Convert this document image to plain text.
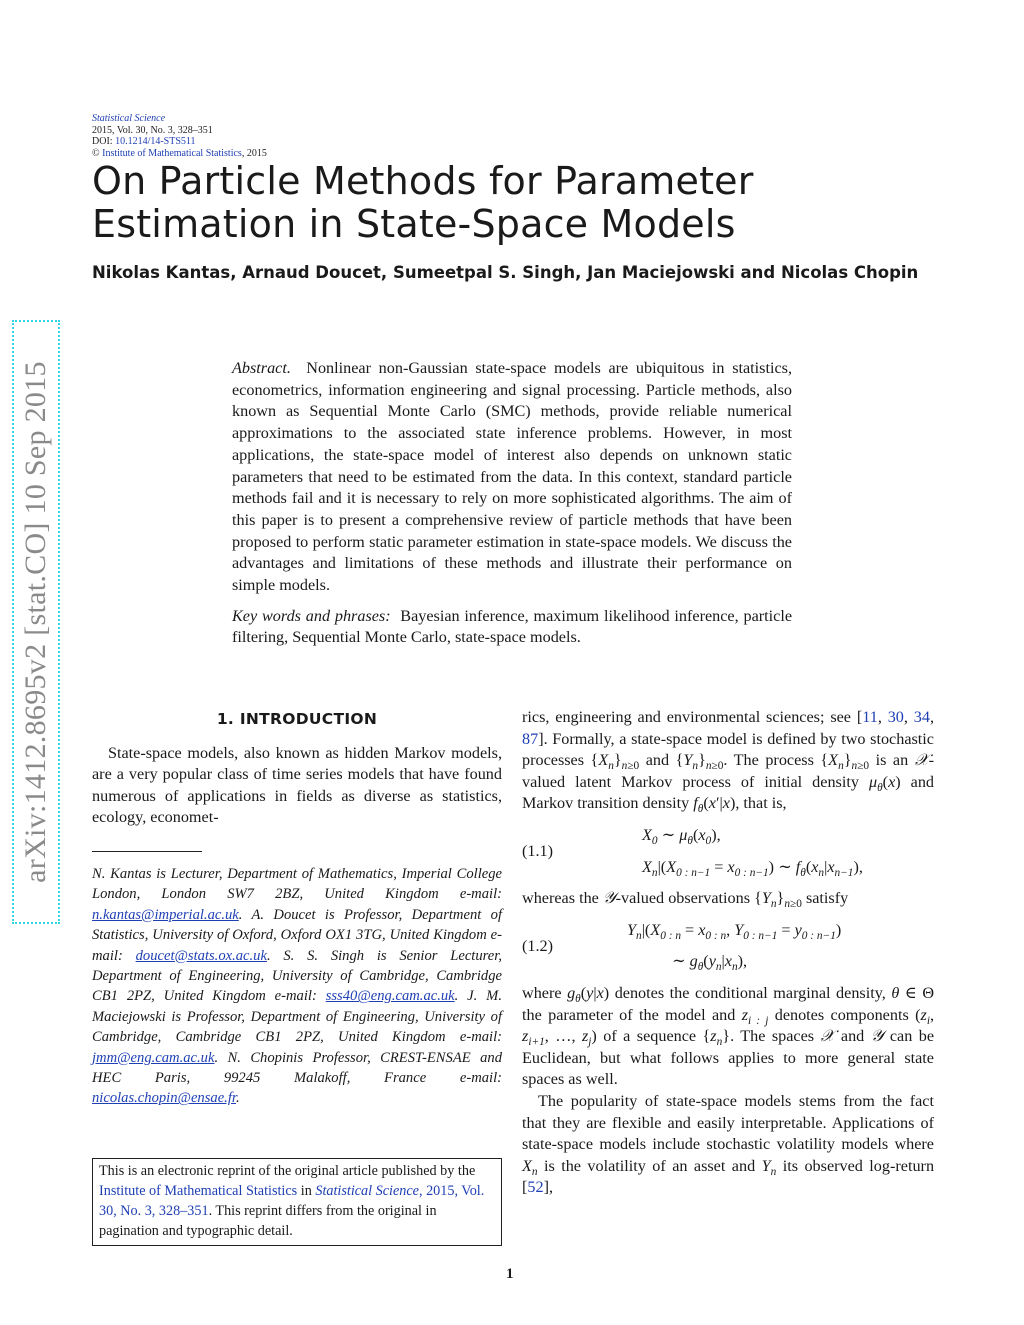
arXiv:1412.8695v2 [stat.CO] 10 Sep 2015
Statistical Science
2015, Vol. 30, No. 3, 328–351
DOI: 10.1214/14-STS511
© Institute of Mathematical Statistics, 2015
On Particle Methods for Parameter
Estimation in State-Space Models
Nikolas Kantas, Arnaud Doucet, Sumeetpal S. Singh, Jan Maciejowski and Nicolas Chopin

Abstract. Nonlinear non-Gaussian state-space models are ubiquitous in statistics, econometrics, information engineering and signal processing. Particle methods, also known as Sequential Monte Carlo (SMC) methods, provide reliable numerical approximations to the associated state inference problems. However, in most applications, the state-space model of interest also depends on unknown static parameters that need to be estimated from the data. In this context, standard particle methods fail and it is necessary to rely on more sophisticated algorithms. The aim of this paper is to present a comprehensive review of particle methods that have been proposed to perform static parameter estimation in state-space models. We discuss the advantages and limitations of these methods and illustrate their performance on simple models.

Key words and phrases: Bayesian inference, maximum likelihood inference, particle filtering, Sequential Monte Carlo, state-space models.

1. INTRODUCTION

State-space models, also known as hidden Markov models, are a very popular class of time series models that have found numerous of applications in fields as diverse as statistics, ecology, economet-

N. Kantas is Lecturer, Department of Mathematics, Imperial College London, London SW7 2BZ, United Kingdom e-mail: n.kantas@imperial.ac.uk. A. Doucet is Professor, Department of Statistics, University of Oxford, Oxford OX1 3TG, United Kingdom e-mail: doucet@stats.ox.ac.uk. S. S. Singh is Senior Lecturer, Department of Engineering, University of Cambridge, Cambridge CB1 2PZ, United Kingdom e-mail: sss40@eng.cam.ac.uk. J. M. Maciejowski is Professor, Department of Engineering, University of Cambridge, Cambridge CB1 2PZ, United Kingdom e-mail: jmm@eng.cam.ac.uk. N. Chopinis Professor, CREST-ENSAE and HEC Paris, 99245 Malakoff, France e-mail: nicolas.chopin@ensae.fr.

This is an electronic reprint of the original article published by the Institute of Mathematical Statistics in Statistical Science, 2015, Vol. 30, No. 3, 328–351. This reprint differs from the original in pagination and typographic detail.

rics, engineering and environmental sciences; see [11, 30, 34, 87]. Formally, a state-space model is defined by two stochastic processes $\{X_n\}_{n\ge 0}$ and $\{Y_n\}_{n\ge 0}$. The process $\{X_n\}_{n\ge 0}$ is an 𝒳-valued latent Markov process of initial density $\mu_\theta(x)$ and Markov transition density $f_\theta(x'|x)$, that is,

(1.1)
$X_0$ ∼ $\mu_\theta(x_0)$,
$X_n|(X_{0 : n-1} = x_{0 : n-1})$ ∼ $f_\theta(x_n|x_{n-1})$,

whereas the 𝒴-valued observations $\{Y_n\}_{n\ge 0}$ satisfy

(1.2)
$Y_n|(X_{0 : n} = x_{0 : n}$, $Y_{0 : n-1} = y_{0 : n-1}$)
∼ $g_\theta(y_n|x_n)$,

where $g_\theta(y|x)$ denotes the conditional marginal density, θ ∈ Θ the parameter of the model and $z_{i : j}$ denotes components ($z_i$, $z_{i+1}$, …, $z_j$) of a sequence $\{z_n\}$. The spaces 𝒳 and 𝒴 can be Euclidean, but what follows applies to more general state spaces as well.

The popularity of state-space models stems from the fact that they are flexible and easily interpretable. Applications of state-space models include stochastic volatility models where $X_n$ is the volatility of an asset and $Y_n$ its observed log-return [52],

1
